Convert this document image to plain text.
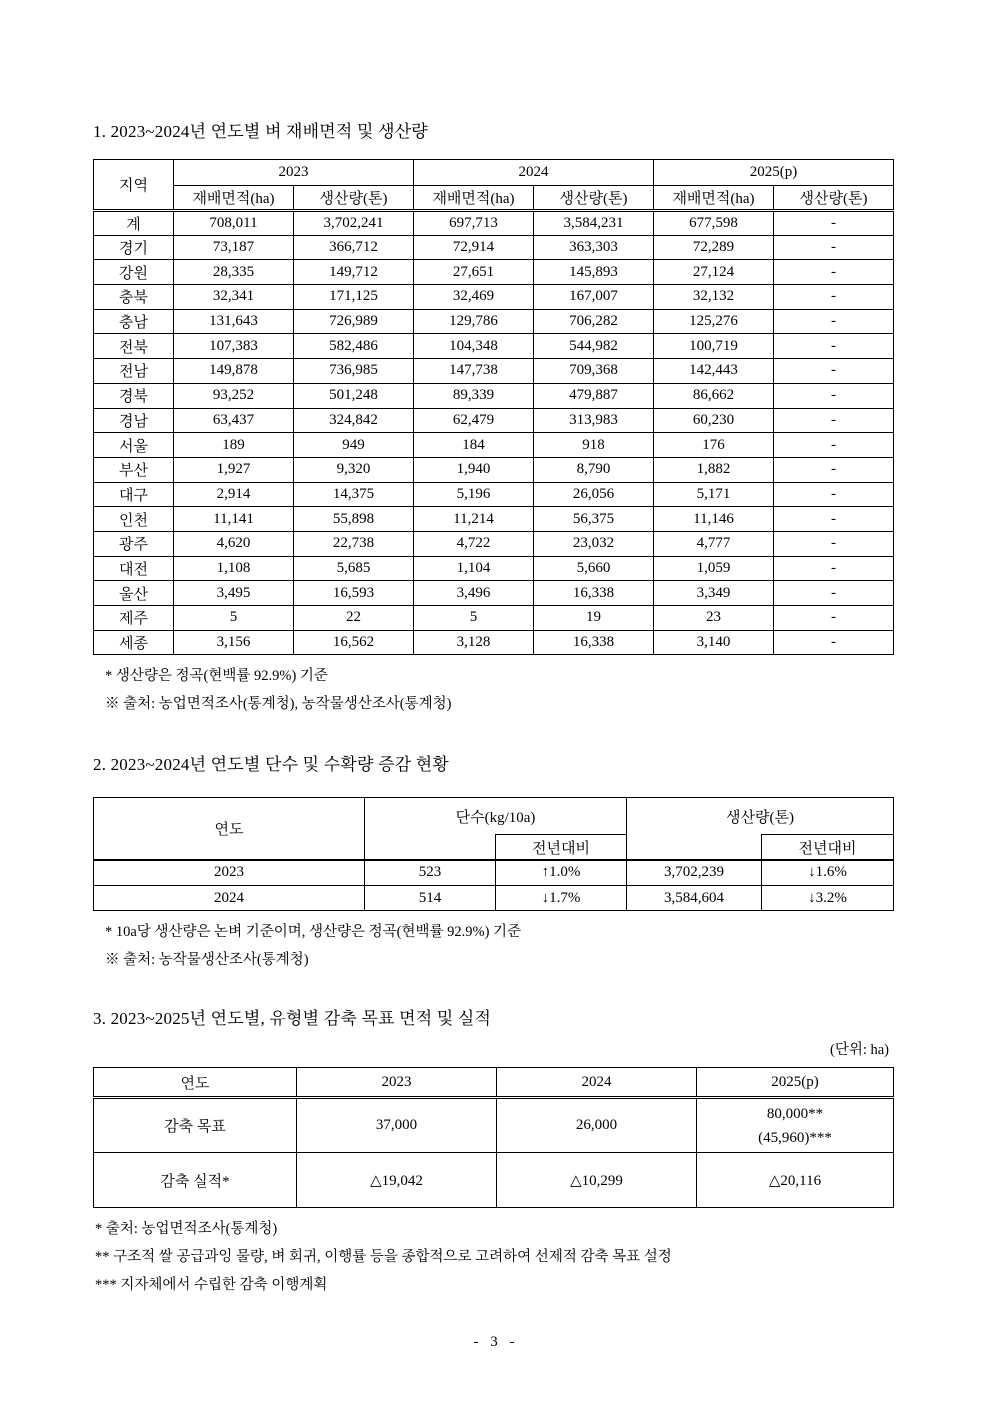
1. 2023~2024년 연도별 벼 재배면적 및 생산량
지역	2023		2024		2025(p)	
	재배면적(ha)	생산량(톤)	재배면적(ha)	생산량(톤)	재배면적(ha)	생산량(톤)
계	708,011	3,702,241	697,713	3,584,231	677,598	-
경기	73,187	366,712	72,914	363,303	72,289	-
강원	28,335	149,712	27,651	145,893	27,124	-
충북	32,341	171,125	32,469	167,007	32,132	-
충남	131,643	726,989	129,786	706,282	125,276	-
전북	107,383	582,486	104,348	544,982	100,719	-
전남	149,878	736,985	147,738	709,368	142,443	-
경북	93,252	501,248	89,339	479,887	86,662	-
경남	63,437	324,842	62,479	313,983	60,230	-
서울	189	949	184	918	176	-
부산	1,927	9,320	1,940	8,790	1,882	-
대구	2,914	14,375	5,196	26,056	5,171	-
인천	11,141	55,898	11,214	56,375	11,146	-
광주	4,620	22,738	4,722	23,032	4,777	-
대전	1,108	5,685	1,104	5,660	1,059	-
울산	3,495	16,593	3,496	16,338	3,349	-
제주	5	22	5	19	23	-
세종	3,156	16,562	3,128	16,338	3,140	-
* 생산량은 정곡(현백률 92.9%) 기준
※ 출처: 농업면적조사(통계청), 농작물생산조사(통계청)
2. 2023~2024년 연도별 단수 및 수확량 증감 현황
연도	단수(kg/10a)		생산량(톤)	
		전년대비		전년대비
2023	523	↑1.0%	3,702,239	↓1.6%
2024	514	↓1.7%	3,584,604	↓3.2%
* 10a당 생산량은 논벼 기준이며, 생산량은 정곡(현백률 92.9%) 기준
※ 출처: 농작물생산조사(통계청)
3. 2023~2025년 연도별, 유형별 감축 목표 면적 및 실적
(단위: ha)
연도	2023	2024	2025(p)
감축 목표	37,000	26,000	80,000**
(45,960)***

감축 실적*	△19,042	△10,299	△20,116
* 출처: 농업면적조사(통계청)
** 구조적 쌀 공급과잉 물량, 벼 회귀, 이행률 등을 종합적으로 고려하여 선제적 감축 목표 설정
*** 지자체에서 수립한 감축 이행계획
- 3 -
